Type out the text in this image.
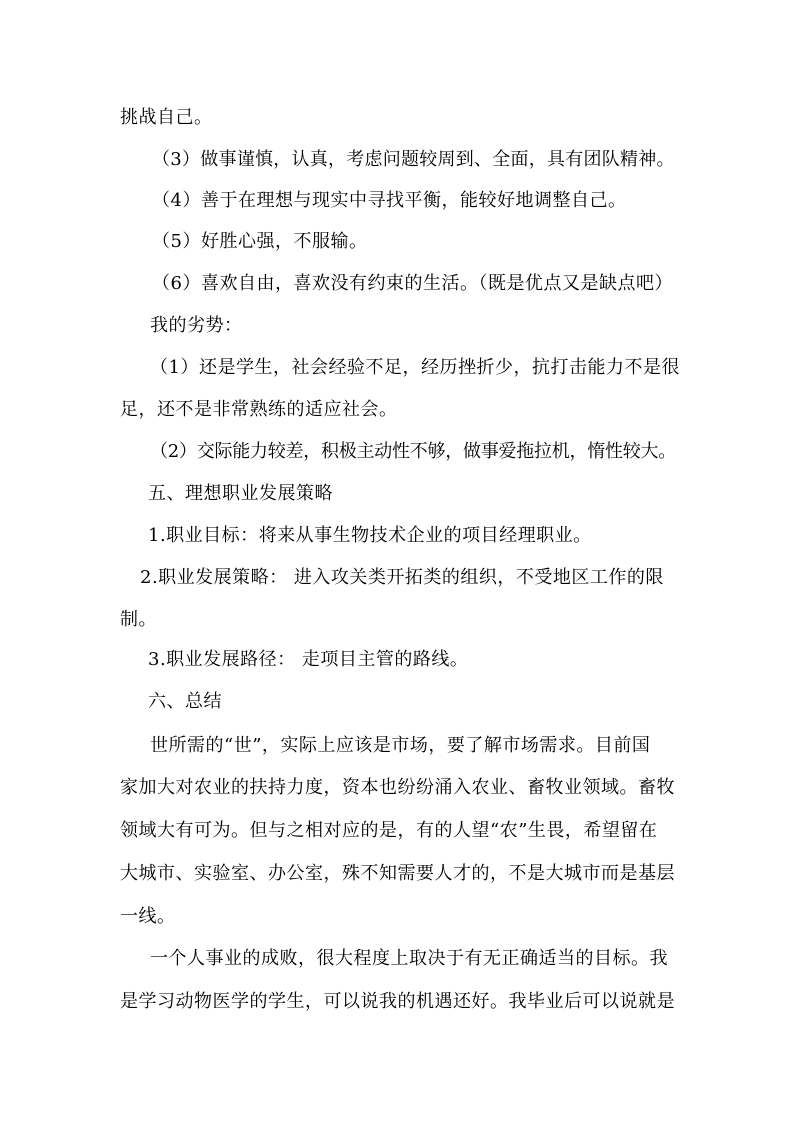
挑战自己。
（3）做事谨慎，认真，考虑问题较周到、全面，具有团队精神。
（4）善于在理想与现实中寻找平衡，能较好地调整自己。
（5）好胜心强，不服输。
（6）喜欢自由，喜欢没有约束的生活。（既是优点又是缺点吧）
我的劣势：
（1）还是学生，社会经验不足，经历挫折少，抗打击能力不是很
足，还不是非常熟练的适应社会。
（2）交际能力较差，积极主动性不够，做事爱拖拉机，惰性较大。
五、理想职业发展策略
1.职业目标：将来从事生物技术企业的项目经理职业。
2.职业发展策略： 进入攻关类开拓类的组织，不受地区工作的限
制。
3.职业发展路径： 走项目主管的路线。
六、总结
世所需的“世”，实际上应该是市场，要了解市场需求。目前国
家加大对农业的扶持力度，资本也纷纷涌入农业、畜牧业领域。畜牧
领域大有可为。但与之相对应的是，有的人望“农”生畏，希望留在
大城市、实验室、办公室，殊不知需要人才的，不是大城市而是基层
一线。
一个人事业的成败，很大程度上取决于有无正确适当的目标。我
是学习动物医学的学生，可以说我的机遇还好。我毕业后可以说就是
